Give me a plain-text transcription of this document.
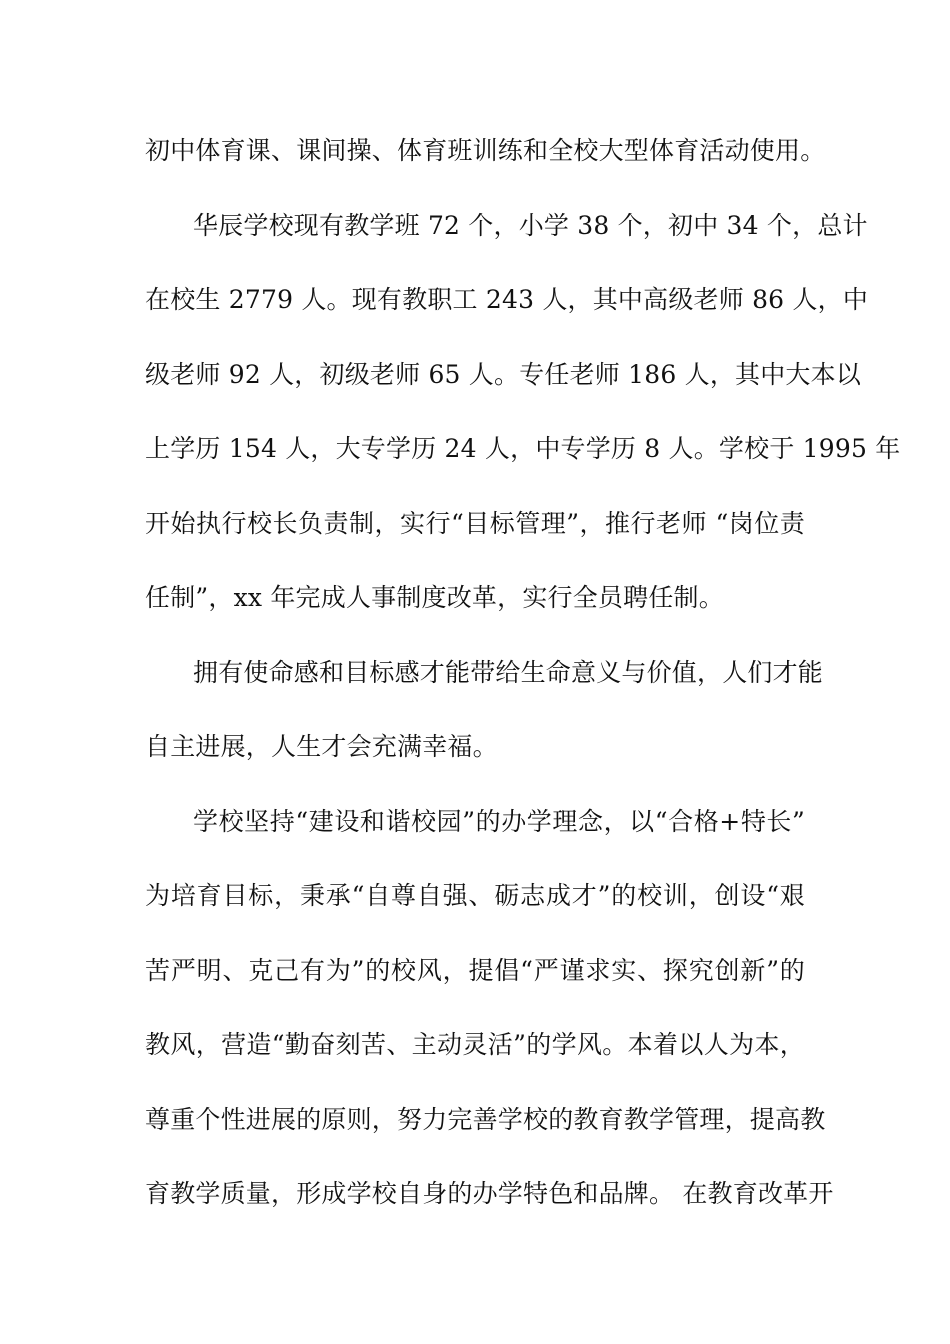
初中体育课、课间操、体育班训练和全校大型体育活动使用。
华辰学校现有教学班 72 个，小学 38 个，初中 34 个，总计
在校生 2779 人。现有教职工 243 人，其中高级老师 86 人，中
级老师 92 人，初级老师 65 人。专任老师 186 人，其中大本以
上学历 154 人，大专学历 24 人，中专学历 8 人。学校于 1995 年
开始执行校长负责制，实行“目标管理”，推行老师 “岗位责
任制”，xx 年完成人事制度改革，实行全员聘任制。
拥有使命感和目标感才能带给生命意义与价值，人们才能
自主进展，人生才会充满幸福。
学校坚持“建设和谐校园”的办学理念，以“合格+特长”
为培育目标，秉承“自尊自强、砺志成才”的校训，创设“艰
苦严明、克己有为”的校风，提倡“严谨求实、探究创新”的
教风，营造“勤奋刻苦、主动灵活”的学风。本着以人为本，
尊重个性进展的原则，努力完善学校的教育教学管理，提高教
育教学质量，形成学校自身的办学特色和品牌。 在教育改革开
